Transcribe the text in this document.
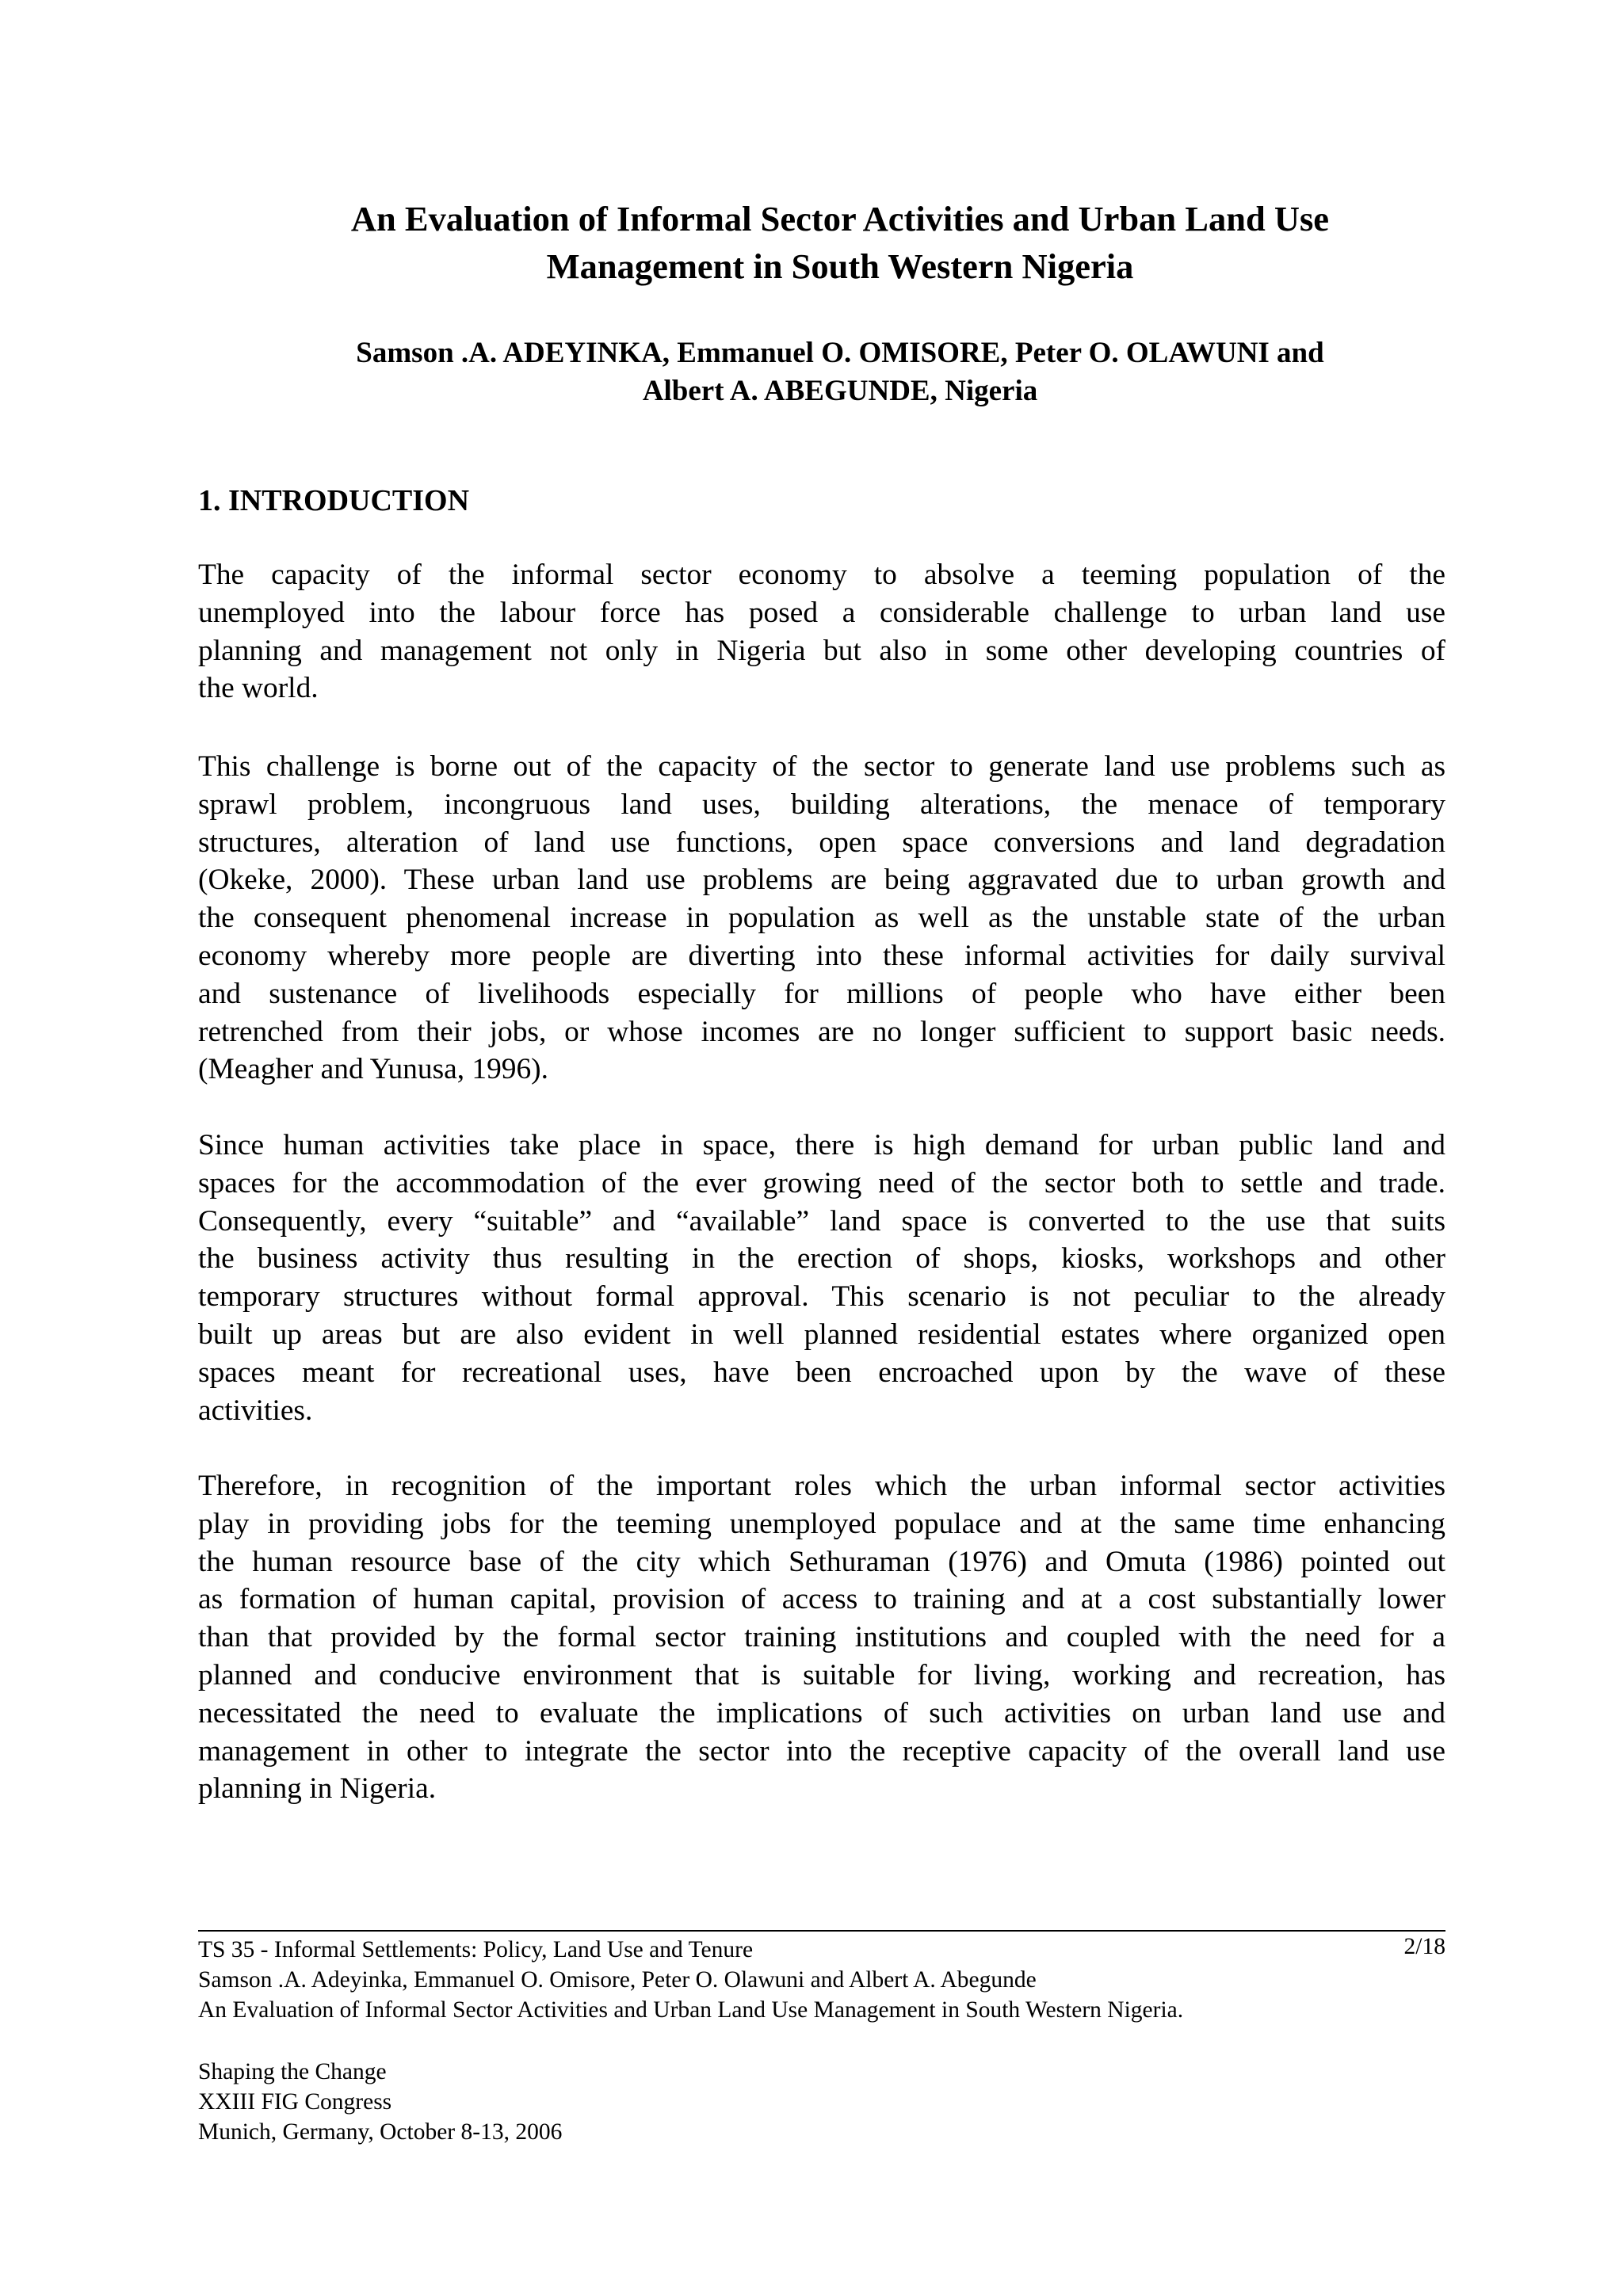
An Evaluation of Informal Sector Activities and Urban Land Use
Management in South Western Nigeria
Samson .A. ADEYINKA, Emmanuel O. OMISORE, Peter O. OLAWUNI and
Albert A. ABEGUNDE, Nigeria
1. INTRODUCTION

The capacity of the informal sector economy to absolve a teeming population of the
unemployed into the labour force has posed a considerable challenge to urban land use
planning and management not only in Nigeria but also in some other developing countries of
the world.

This challenge is borne out of the capacity of the sector to generate land use problems such as
sprawl problem, incongruous land uses, building alterations, the menace of temporary
structures, alteration of land use functions, open space conversions and land degradation
(Okeke, 2000). These urban land use problems are being aggravated due to urban growth and
the consequent phenomenal increase in population as well as the unstable state of the urban
economy whereby more people are diverting into these informal activities for daily survival
and sustenance of livelihoods especially for millions of people who have either been
retrenched from their jobs, or whose incomes are no longer sufficient to support basic needs.
(Meagher and Yunusa, 1996).

Since human activities take place in space, there is high demand for urban public land and
spaces for the accommodation of the ever growing need of the sector both to settle and trade.
Consequently, every “suitable” and “available” land space is converted to the use that suits
the business activity thus resulting in the erection of shops, kiosks, workshops and other
temporary structures without formal approval. This scenario is not peculiar to the already
built up areas but are also evident in well planned residential estates where organized open
spaces meant for recreational uses, have been encroached upon by the wave of these
activities.

Therefore, in recognition of the important roles which the urban informal sector activities
play in providing jobs for the teeming unemployed populace and at the same time enhancing
the human resource base of the city which Sethuraman (1976) and Omuta (1986) pointed out
as formation of human capital, provision of access to training and at a cost substantially lower
than that provided by the formal sector training institutions and coupled with the need for a
planned and conducive environment that is suitable for living, working and recreation, has
necessitated the need to evaluate the implications of such activities on urban land use and
management in other to integrate the sector into the receptive capacity of the overall land use
planning in Nigeria.

TS 35 - Informal Settlements: Policy, Land Use and Tenure	2/18

Samson .A. Adeyinka, Emmanuel O. Omisore, Peter O. Olawuni and Albert A. Abegunde

An Evaluation of Informal Sector Activities and Urban Land Use Management in South Western Nigeria.

Shaping the Change

XXIII FIG Congress

Munich, Germany, October 8-13, 2006
